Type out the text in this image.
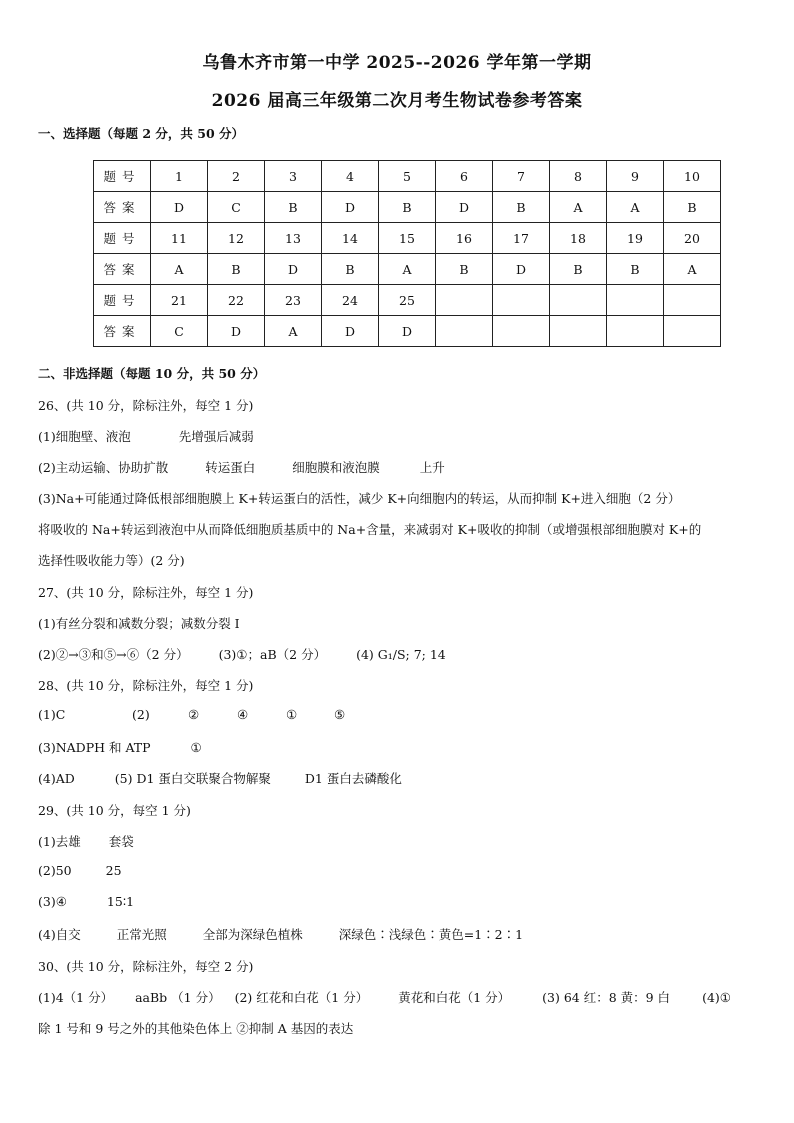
乌鲁木齐市第一中学 2025--2026 学年第一学期
2026 届高三年级第二次月考生物试卷参考答案
一、选择题（每题 2 分，共 50 分）
题号	1	2	3	4	5	6	7	8	9	10
答案	D	C	B	D	B	D	B	A	A	B
题号	11	12	13	14	15	16	17	18	19	20
答案	A	B	D	B	A	B	D	B	B	A
题号	21	22	23	24	25					
答案	C	D	A	D	D					
二、非选择题（每题 10 分，共 50 分）
26、(共 10 分，除标注外，每空 1 分)
(1)细胞壁、液泡	先增强后减弱
(2)主动运输、协助扩散	转运蛋白	细胞膜和液泡膜	上升
(3)Na+可能通过降低根部细胞膜上 K+转运蛋白的活性，减少 K+向细胞内的转运，从而抑制 K+进入细胞（2 分）
将吸收的 Na+转运到液泡中从而降低细胞质基质中的 Na+含量，来减弱对 K+吸收的抑制（或增强根部细胞膜对 K+的
选择性吸收能力等）(2 分)
27、(共 10 分，除标注外，每空 1 分)
(1)有丝分裂和减数分裂；减数分裂 I
(2)②→③和⑤→⑥（2 分） (3)①；aB（2 分） (4) G₁/S; 7; 14
28、(共 10 分，除标注外，每空 1 分)
(1)C	(2)	②	④	①	⑤
(3)NADPH 和 ATP	①
(4)AD	(5) D1 蛋白交联聚合物解聚	D1 蛋白去磷酸化
29、(共 10 分，每空 1 分)
(1)去雄 套袋
(2)50	25
(3)④	15∶1
(4)自交	正常光照	全部为深绿色植株	深绿色∶浅绿色∶黄色=1∶2∶1
30、(共 10 分，除标注外，每空 2 分)
(1)4（1 分） aaBb （1 分） (2) 红花和白花（1 分） 黄花和白花（1 分）	(3) 64 红：8 黄：9 白	(4)①
除 1 号和 9 号之外的其他染色体上 ②抑制 A 基因的表达
